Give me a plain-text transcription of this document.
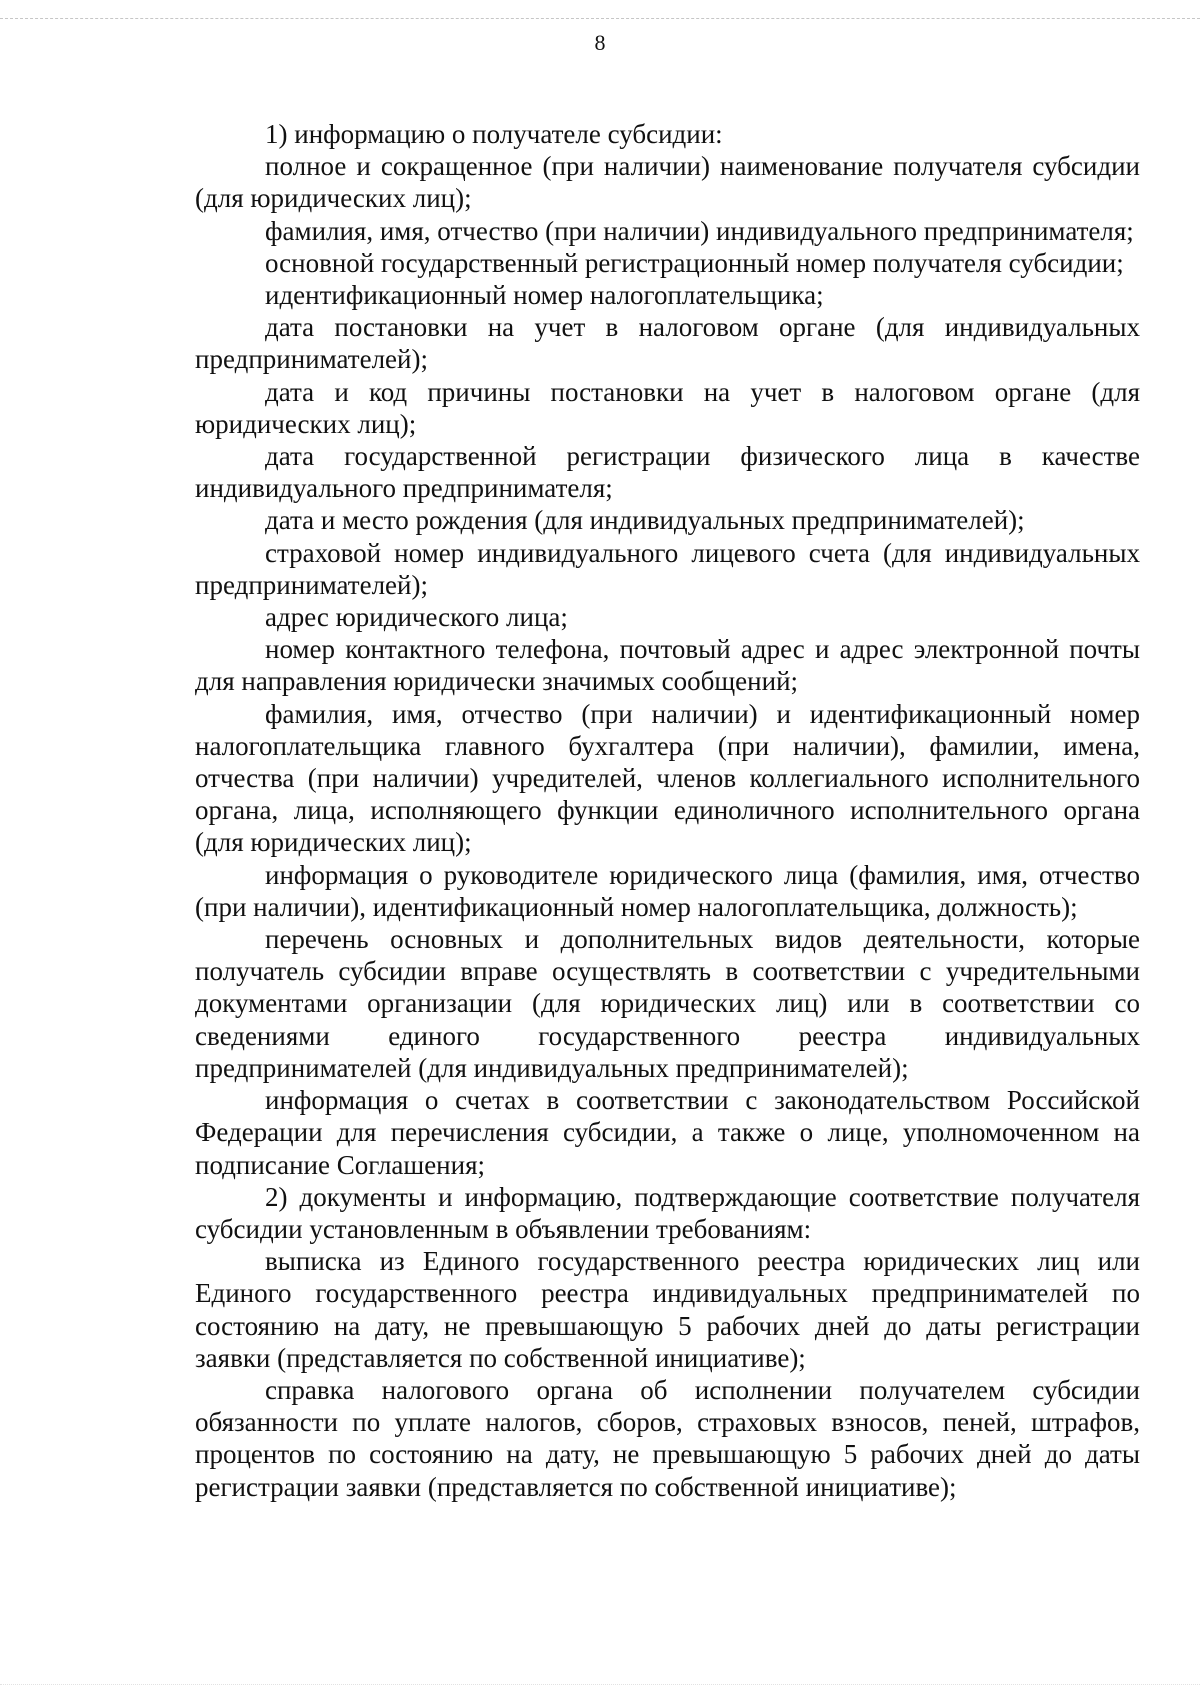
8

1) информацию о получателе субсидии:

полное и сокращенное (при наличии) наименование получателя субсидии (для юридических лиц);

фамилия, имя, отчество (при наличии) индивидуального предпринимателя;

основной государственный регистрационный номер получателя субсидии;

идентификационный номер налогоплательщика;

дата постановки на учет в налоговом органе (для индивидуальных предпринимателей);

дата и код причины постановки на учет в налоговом органе (для юридических лиц);

дата государственной регистрации физического лица в качестве индивидуального предпринимателя;

дата и место рождения (для индивидуальных предпринимателей);

страховой номер индивидуального лицевого счета (для индивидуальных предпринимателей);

адрес юридического лица;

номер контактного телефона, почтовый адрес и адрес электронной почты для направления юридически значимых сообщений;

фамилия, имя, отчество (при наличии) и идентификационный номер налогоплательщика главного бухгалтера (при наличии), фамилии, имена, отчества (при наличии) учредителей, членов коллегиального исполнительного органа, лица, исполняющего функции единоличного исполнительного органа (для юридических лиц);

информация о руководителе юридического лица (фамилия, имя, отчество (при наличии), идентификационный номер налогоплательщика, должность);

перечень основных и дополнительных видов деятельности, которые получатель субсидии вправе осуществлять в соответствии с учредительными документами организации (для юридических лиц) или в соответствии со сведениями единого государственного реестра индивидуальных предпринимателей (для индивидуальных предпринимателей);

информация о счетах в соответствии с законодательством Российской Федерации для перечисления субсидии, а также о лице, уполномоченном на подписание Соглашения;

2) документы и информацию, подтверждающие соответствие получателя субсидии установленным в объявлении требованиям:

выписка из Единого государственного реестра юридических лиц или Единого государственного реестра индивидуальных предпринимателей по состоянию на дату, не превышающую 5 рабочих дней до даты регистрации заявки (представляется по собственной инициативе);

справка налогового органа об исполнении получателем субсидии обязанности по уплате налогов, сборов, страховых взносов, пеней, штрафов, процентов по состоянию на дату, не превышающую 5 рабочих дней до даты регистрации заявки (представляется по собственной инициативе);
